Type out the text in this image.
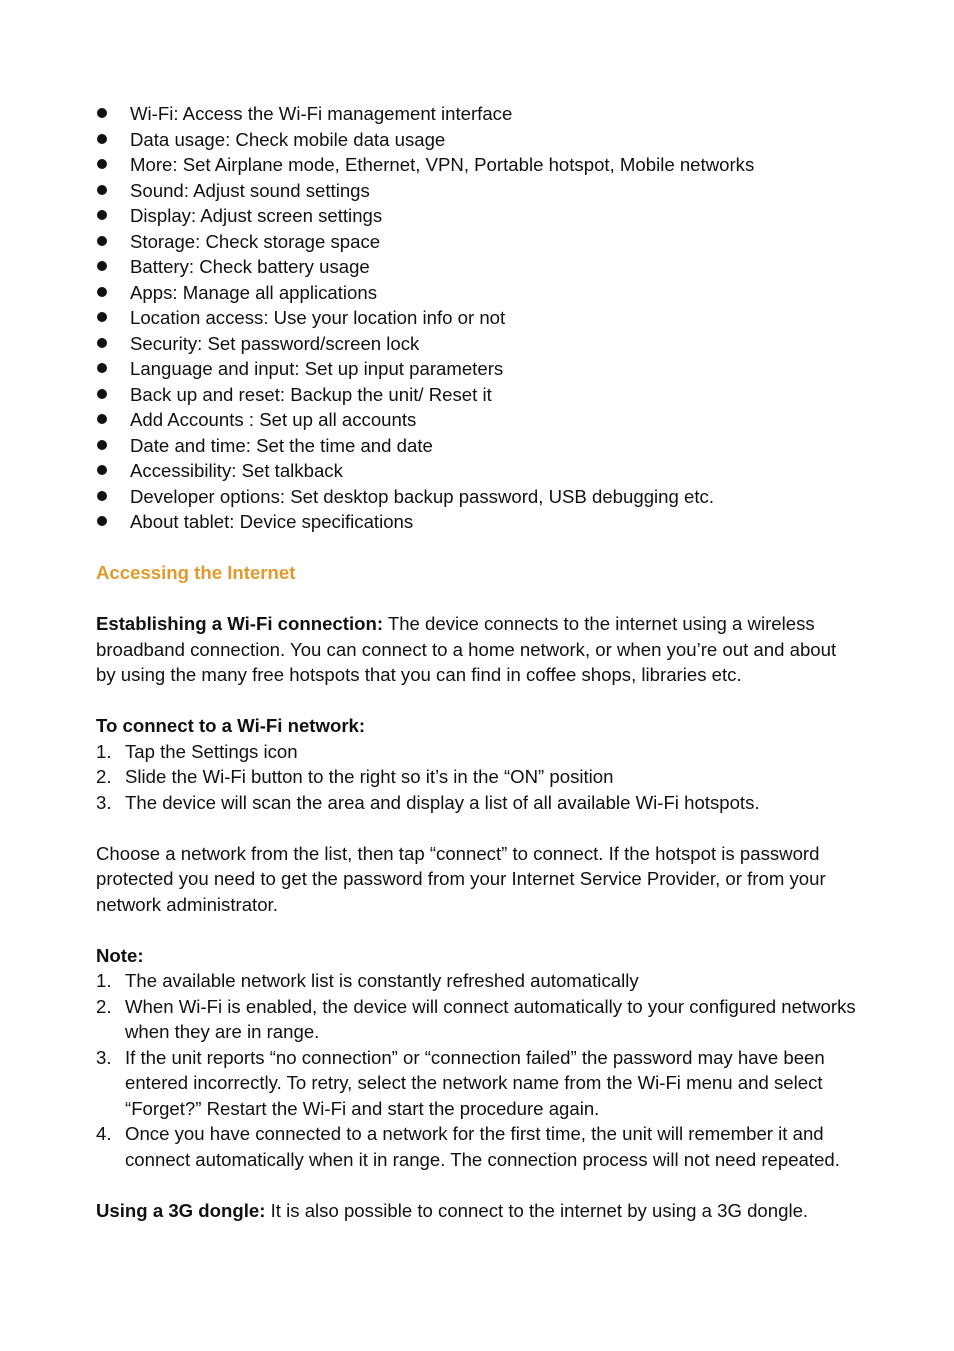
Wi-Fi: Access the Wi-Fi management interface
Data usage: Check mobile data usage
More: Set Airplane mode, Ethernet, VPN, Portable hotspot, Mobile networks
Sound: Adjust sound settings
Display: Adjust screen settings
Storage: Check storage space
Battery: Check battery usage
Apps: Manage all applications
Location access: Use your location info or not
Security: Set password/screen lock
Language and input: Set up input parameters
Back up and reset: Backup the unit/ Reset it
Add Accounts : Set up all accounts
Date and time: Set the time and date
Accessibility: Set talkback
Developer options: Set desktop backup password, USB debugging etc.
About tablet: Device specifications
Accessing the Internet

Establishing a Wi-Fi connection: The device connects to the internet using a wireless broadband connection. You can connect to a home network, or when you’re out and about by using the many free hotspots that you can find in coffee shops, libraries etc.

To connect to a Wi-Fi network:

1. Tap the Settings icon
2. Slide the Wi-Fi button to the right so it’s in the “ON” position
3. The device will scan the area and display a list of all available Wi-Fi hotspots.

Choose a network from the list, then tap “connect” to connect. If the hotspot is password protected you need to get the password from your Internet Service Provider, or from your network administrator.

Note:

1. The available network list is constantly refreshed automatically
2. When Wi-Fi is enabled, the device will connect automatically to your configured networks when they are in range.
3. If the unit reports “no connection” or “connection failed” the password may have been entered incorrectly. To retry, select the network name from the Wi-Fi menu and select “Forget?” Restart the Wi-Fi and start the procedure again.
4. Once you have connected to a network for the first time, the unit will remember it and connect automatically when it in range. The connection process will not need repeated.

Using a 3G dongle: It is also possible to connect to the internet by using a 3G dongle.
